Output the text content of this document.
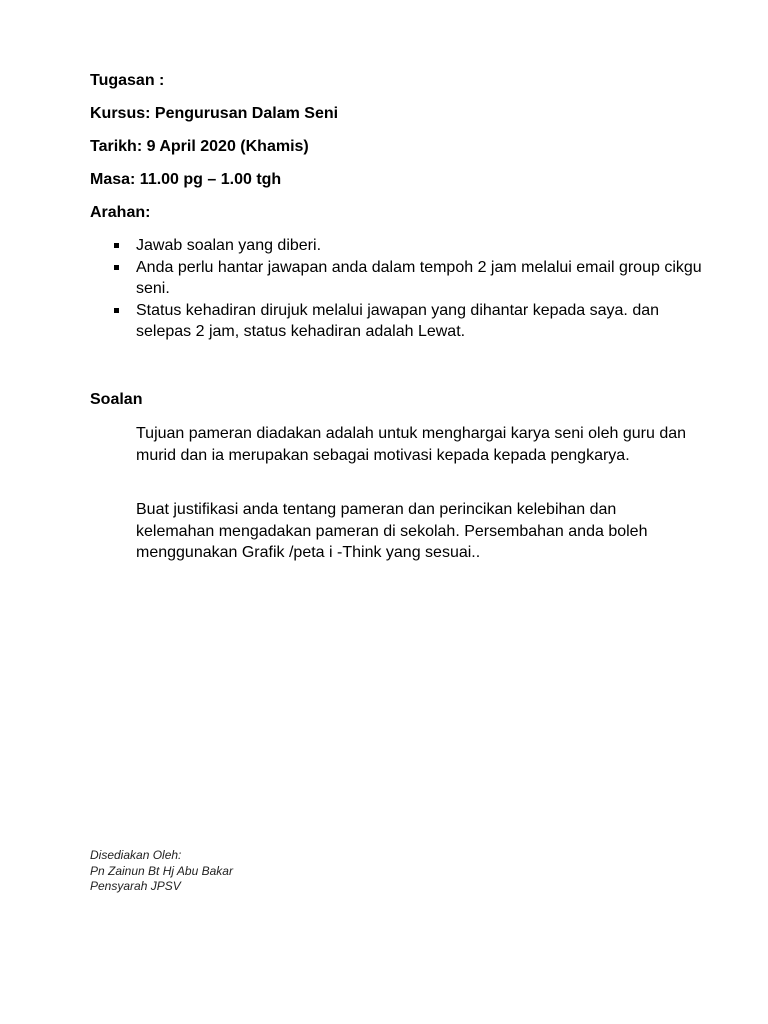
Tugasan :

Kursus: Pengurusan Dalam Seni

Tarikh: 9 April 2020 (Khamis)

Masa: 11.00 pg – 1.00 tgh

Arahan:

Jawab soalan yang diberi.
Anda perlu hantar jawapan anda dalam tempoh 2 jam melalui email group cikgu seni.
Status kehadiran dirujuk melalui jawapan yang dihantar kepada saya. dan selepas 2 jam, status kehadiran adalah Lewat.

Soalan

Tujuan pameran diadakan adalah untuk menghargai karya seni oleh guru dan  murid dan ia merupakan sebagai motivasi kepada kepada pengkarya.

Buat justifikasi anda tentang pameran dan perincikan kelebihan dan kelemahan mengadakan pameran di sekolah. Persembahan anda boleh menggunakan Grafik /peta i -Think yang sesuai..

Disediakan Oleh:
Pn Zainun Bt Hj Abu Bakar
Pensyarah JPSV
